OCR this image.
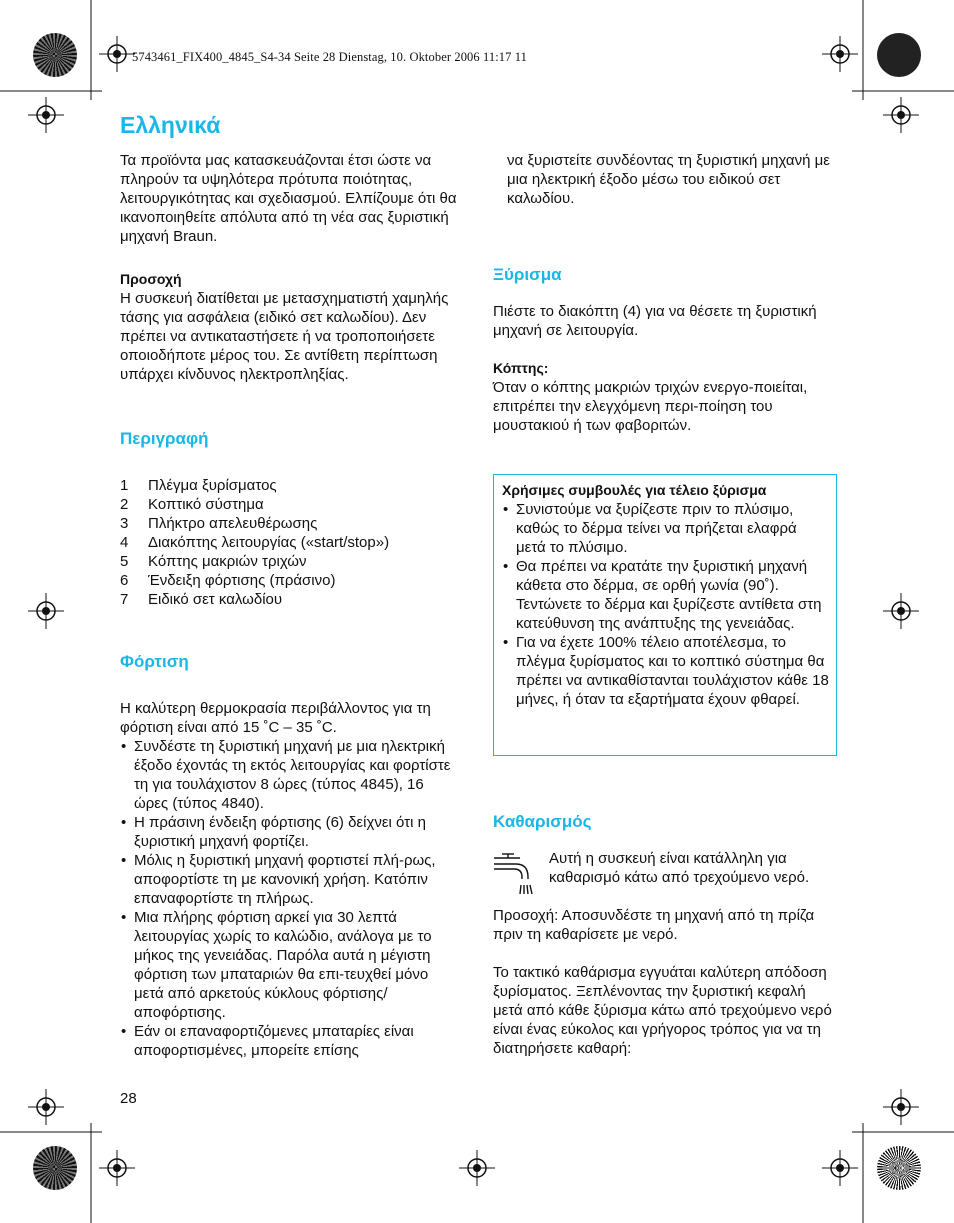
5743461_FIX400_4845_S4-34 Seite 28 Dienstag, 10. Oktober 2006 11:17 11
Ελληνικά

Τα προϊόντα μας κατασκευάζονται έτσι ώστε να πληρούν τα υψηλότερα πρότυπα ποιότητας, λειτουργικότητας και σχεδιασμού. Ελπίζουμε ότι θα ικανοποιηθείτε απόλυτα από τη νέα σας ξυριστική μηχανή Braun.

Προσοχή

Η συσκευή διατίθεται με μετασχηματιστή χαμηλής τάσης για ασφάλεια (ειδικό σετ καλωδίου). Δεν πρέπει να αντικαταστήσετε ή να τροποποιήσετε οποιοδήποτε μέρος του. Σε αντίθετη περίπτωση υπάρχει κίνδυνος ηλεκτροπληξίας.

Περιγραφή
1	Πλέγμα ξυρίσματος
2	Κοπτικό σύστημα
3	Πλήκτρο απελευθέρωσης
4	Διακόπτης λειτουργίας («start/stop»)
5	Κόπτης μακριών τριχών
6	Ένδειξη φόρτισης (πράσινο)
7	Ειδικό σετ καλωδίου
Φόρτιση

Η καλύτερη θερμοκρασία περιβάλλοντος για τη φόρτιση είναι από 15 ˚C – 35 ˚C.

• Συνδέστε τη ξυριστική μηχανή με μια ηλεκτρική έξοδο έχοντάς τη εκτός λειτουργίας και φορτίστε τη για τουλάχιστον 8 ώρες (τύπος 4845), 16 ώρες (τύπος 4840).
• Η πράσινη ένδειξη φόρτισης (6) δείχνει ότι η ξυριστική μηχανή φορτίζει.
• Μόλις η ξυριστική μηχανή φορτιστεί πλή-ρως, αποφορτίστε τη με κανονική χρήση. Κατόπιν επαναφορτίστε τη πλήρως.
• Μια πλήρης φόρτιση αρκεί για 30 λεπτά λειτουργίας χωρίς το καλώδιο, ανάλογα με το μήκος της γενειάδας. Παρόλα αυτά η μέγιστη φόρτιση των μπαταριών θα επι-τευχθεί μόνο μετά από αρκετούς κύκλους φόρτισης/αποφόρτισης.
• Εάν οι επαναφορτιζόμενες μπαταρίες είναι αποφορτισμένες, μπορείτε επίσης

να ξυριστείτε συνδέοντας τη ξυριστική μηχανή με μια ηλεκτρική έξοδο μέσω του ειδικού σετ καλωδίου.

Ξύρισμα

Πιέστε το διακόπτη (4) για να θέσετε τη ξυριστική μηχανή σε λειτουργία.

Κόπτης:

Όταν ο κόπτης μακριών τριχών ενεργο-ποιείται, επιτρέπει την ελεγχόμενη περι-ποίηση του μουστακιού ή των φαβοριτών.

Χρήσιμες συμβουλές για τέλειο ξύρισμα
• Συνιστούμε να ξυρίζεστε πριν το πλύσιμο, καθώς το δέρμα τείνει να πρήζεται ελαφρά μετά το πλύσιμο.
• Θα πρέπει να κρατάτε την ξυριστική μηχανή κάθετα στο δέρμα, σε ορθή γωνία (90˚). Τεντώνετε το δέρμα και ξυρίζεστε αντίθετα στη κατεύθυνση της ανάπτυξης της γενειάδας.
• Για να έχετε 100% τέλειο αποτέλεσμα, το πλέγμα ξυρίσματος και το κοπτικό σύστημα θα πρέπει να αντικαθίστανται τουλάχιστον κάθε 18 μήνες, ή όταν τα εξαρτήματα έχουν φθαρεί.
Καθαρισμός

Αυτή η συσκευή είναι κατάλληλη για καθαρισμό κάτω από τρεχούμενο νερό.

Προσοχή: Αποσυνδέστε τη μηχανή από τη πρίζα πριν τη καθαρίσετε με νερό.

Το τακτικό καθάρισμα εγγυάται καλύτερη απόδοση ξυρίσματος. Ξεπλένοντας την ξυριστική κεφαλή μετά από κάθε ξύρισμα κάτω από τρεχούμενο νερό είναι ένας εύκολος και γρήγορος τρόπος για να τη διατηρήσετε καθαρή:

28
